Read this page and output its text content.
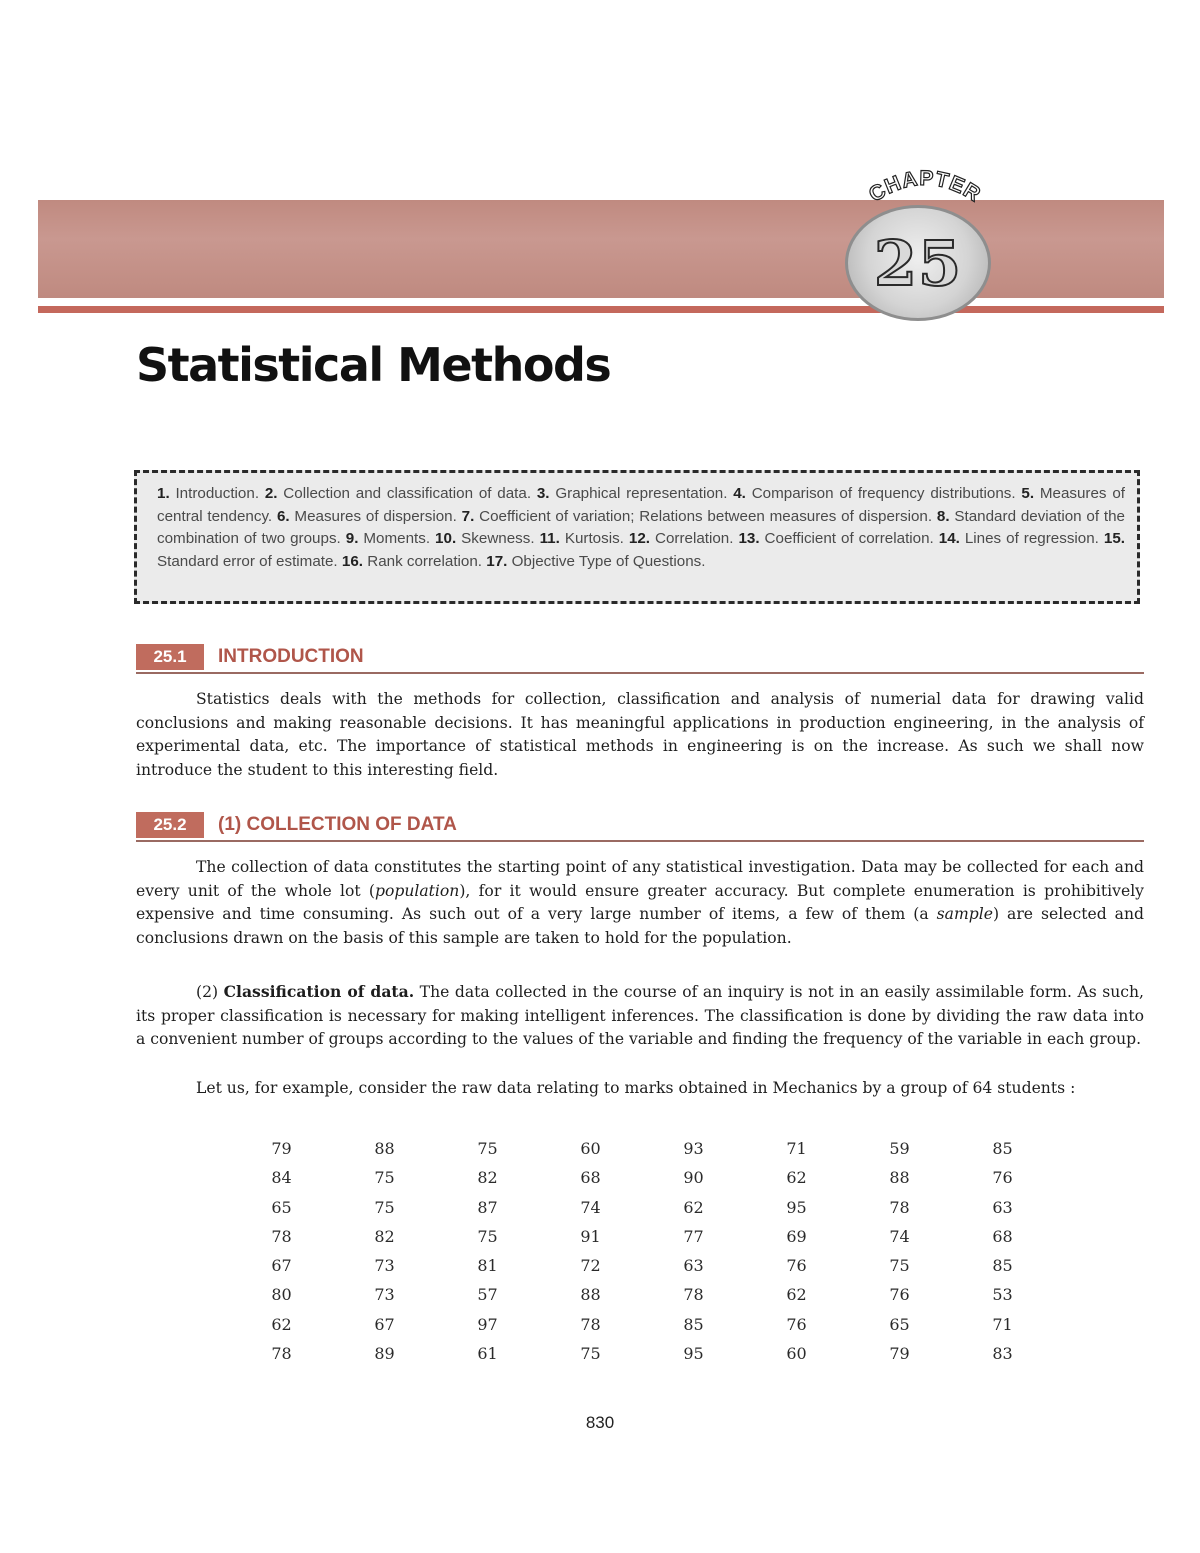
CHAPTER
25
Statistical Methods

1. Introduction. 2. Collection and classification of data. 3. Graphical representation. 4. Comparison of frequency distributions. 5. Measures of central tendency. 6. Measures of dispersion. 7. Coefficient of variation; Relations between measures of dispersion. 8. Standard deviation of the combination of two groups. 9. Moments. 10. Skewness. 11. Kurtosis. 12. Correlation. 13. Coefficient of correlation. 14. Lines of regression. 15. Standard error of estimate. 16. Rank correlation. 17. Objective Type of Questions.

25.1	INTRODUCTION

Statistics deals with the methods for collection, classification and analysis of numerial data for drawing valid conclusions and making reasonable decisions. It has meaningful applications in production engineering, in the analysis of experimental data, etc. The importance of statistical methods in engineering is on the increase. As such we shall now introduce the student to this interesting field.

25.2	(1) COLLECTION OF DATA

The collection of data constitutes the starting point of any statistical investigation. Data may be collected for each and every unit of the whole lot (population), for it would ensure greater accuracy. But complete enumeration is prohibitively expensive and time consuming. As such out of a very large number of items, a few of them (a sample) are selected and conclusions drawn on the basis of this sample are taken to hold for the population.

(2) Classification of data. The data collected in the course of an inquiry is not in an easily assimilable form. As such, its proper classification is necessary for making intelligent inferences. The classification is done by dividing the raw data into a convenient number of groups according to the values of the variable and finding the frequency of the variable in each group.

Let us, for example, consider the raw data relating to marks obtained in Mechanics by a group of 64 students :

79	88	75	60	93	71	59	85
84	75	82	68	90	62	88	76
65	75	87	74	62	95	78	63
78	82	75	91	77	69	74	68
67	73	81	72	63	76	75	85
80	73	57	88	78	62	76	53
62	67	97	78	85	76	65	71
78	89	61	75	95	60	79	83
830
